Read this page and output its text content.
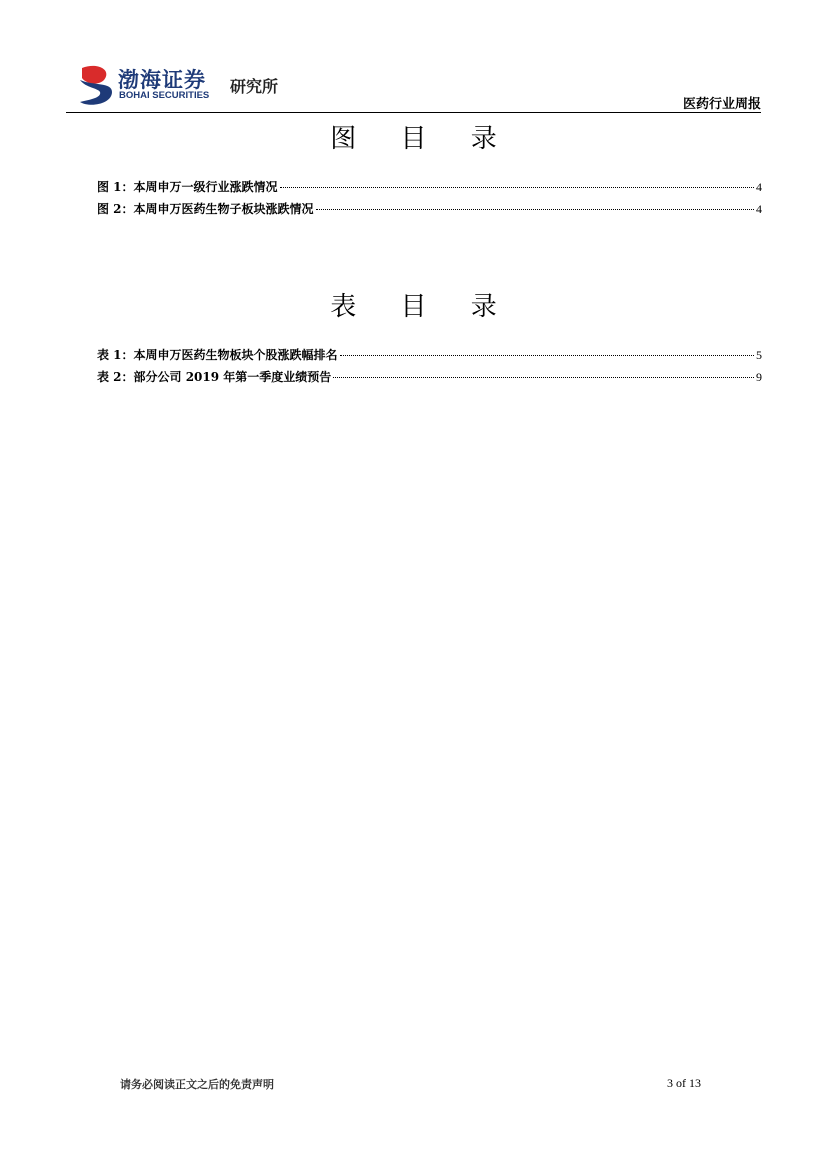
渤海证券
BOHAI SECURITIES 研究所
医药行业周报
图 目 录
图 1：本周申万一级行业涨跌情况	4
图 2：本周申万医药生物子板块涨跌情况	4
表 目 录
表 1：本周申万医药生物板块个股涨跌幅排名	5
表 2：部分公司 2019 年第一季度业绩预告	9
请务必阅读正文之后的免责声明	3 of 13
